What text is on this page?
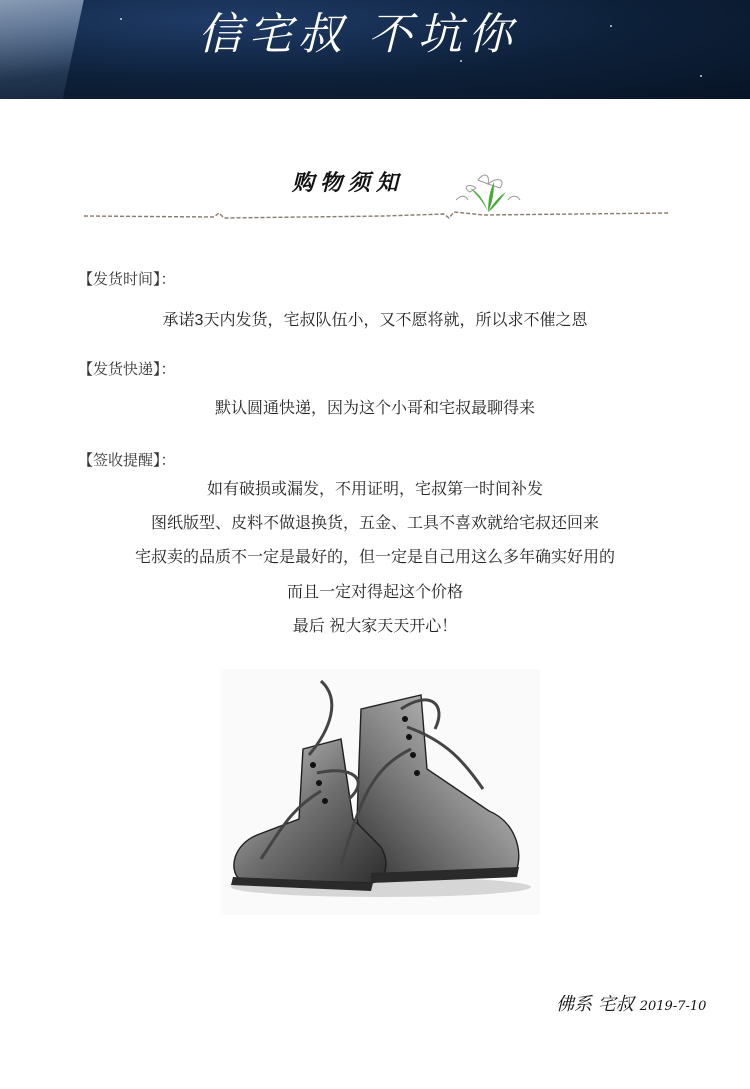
信宅叔 不坑你
购物须知
【发货时间】：
承诺3天内发货，宅叔队伍小，又不愿将就，所以求不催之恩
【发货快递】：
默认圆通快递，因为这个小哥和宅叔最聊得来
【签收提醒】：
如有破损或漏发，不用证明，宅叔第一时间补发
图纸版型、皮料不做退换货，五金、工具不喜欢就给宅叔还回来
宅叔卖的品质不一定是最好的，但一定是自己用这么多年确实好用的
而且一定对得起这个价格
最后 祝大家天天开心！
佛系 宅叔 2019-7-10
